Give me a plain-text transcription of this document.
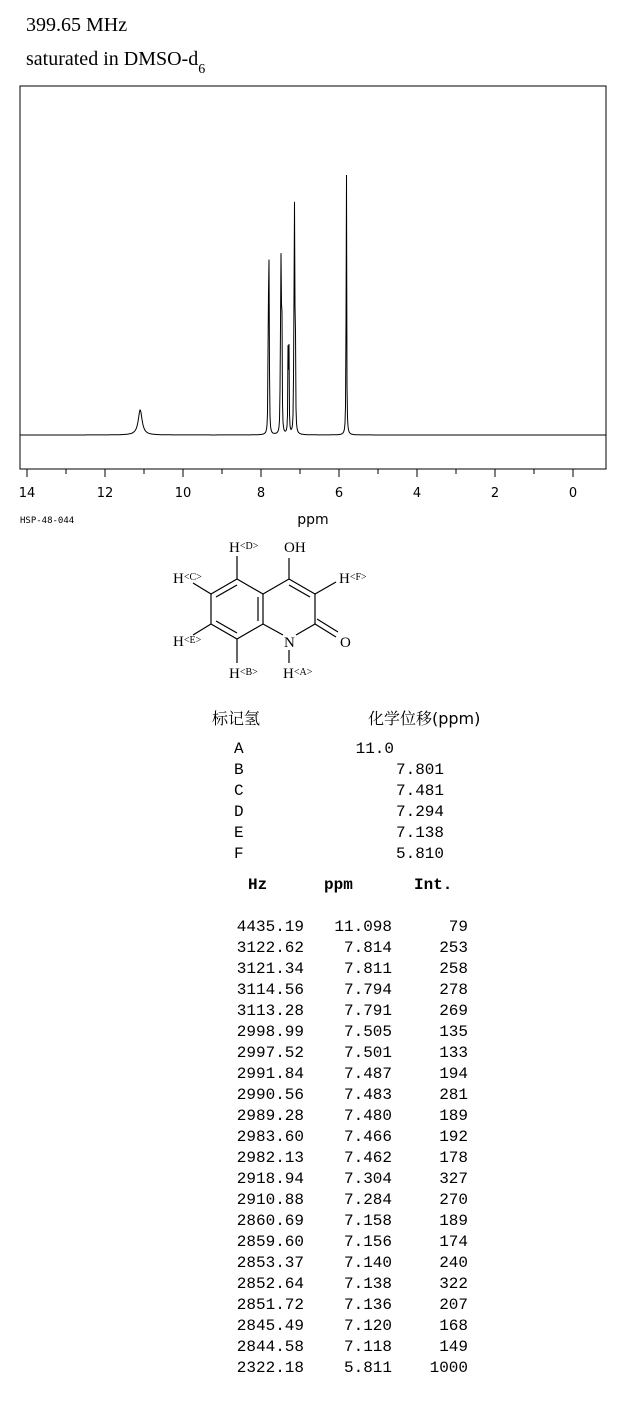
399.65 MHz
saturated in DMSO-$d_6$
14	12	10	8	6	4	2	0
ppm
HSP-48-044
$H^{<D>}$ OH
$H^{<C>}$	$H^{<F>}$
$H^{<E>}$	N	O
$H^{<B>}$ $H^{<A>}$
标记氢	化学位移(ppm)
A	11.0
B	7.801
C	7.481
D	7.294
E	7.138
F	5.810
Hz	ppm	Int.
4435.19 11.098	79
3122.62 7.814	253
3121.34 7.811	258
3114.56 7.794	278
3113.28 7.791	269
2998.99 7.505	135
2997.52 7.501	133
2991.84 7.487	194
2990.56 7.483	281
2989.28 7.480	189
2983.60 7.466	192
2982.13 7.462	178
2918.94 7.304	327
2910.88 7.284	270
2860.69 7.158	189
2859.60 7.156	174
2853.37 7.140	240
2852.64 7.138	322
2851.72 7.136	207
2845.49 7.120	168
2844.58 7.118	149
2322.18 5.811 1000
